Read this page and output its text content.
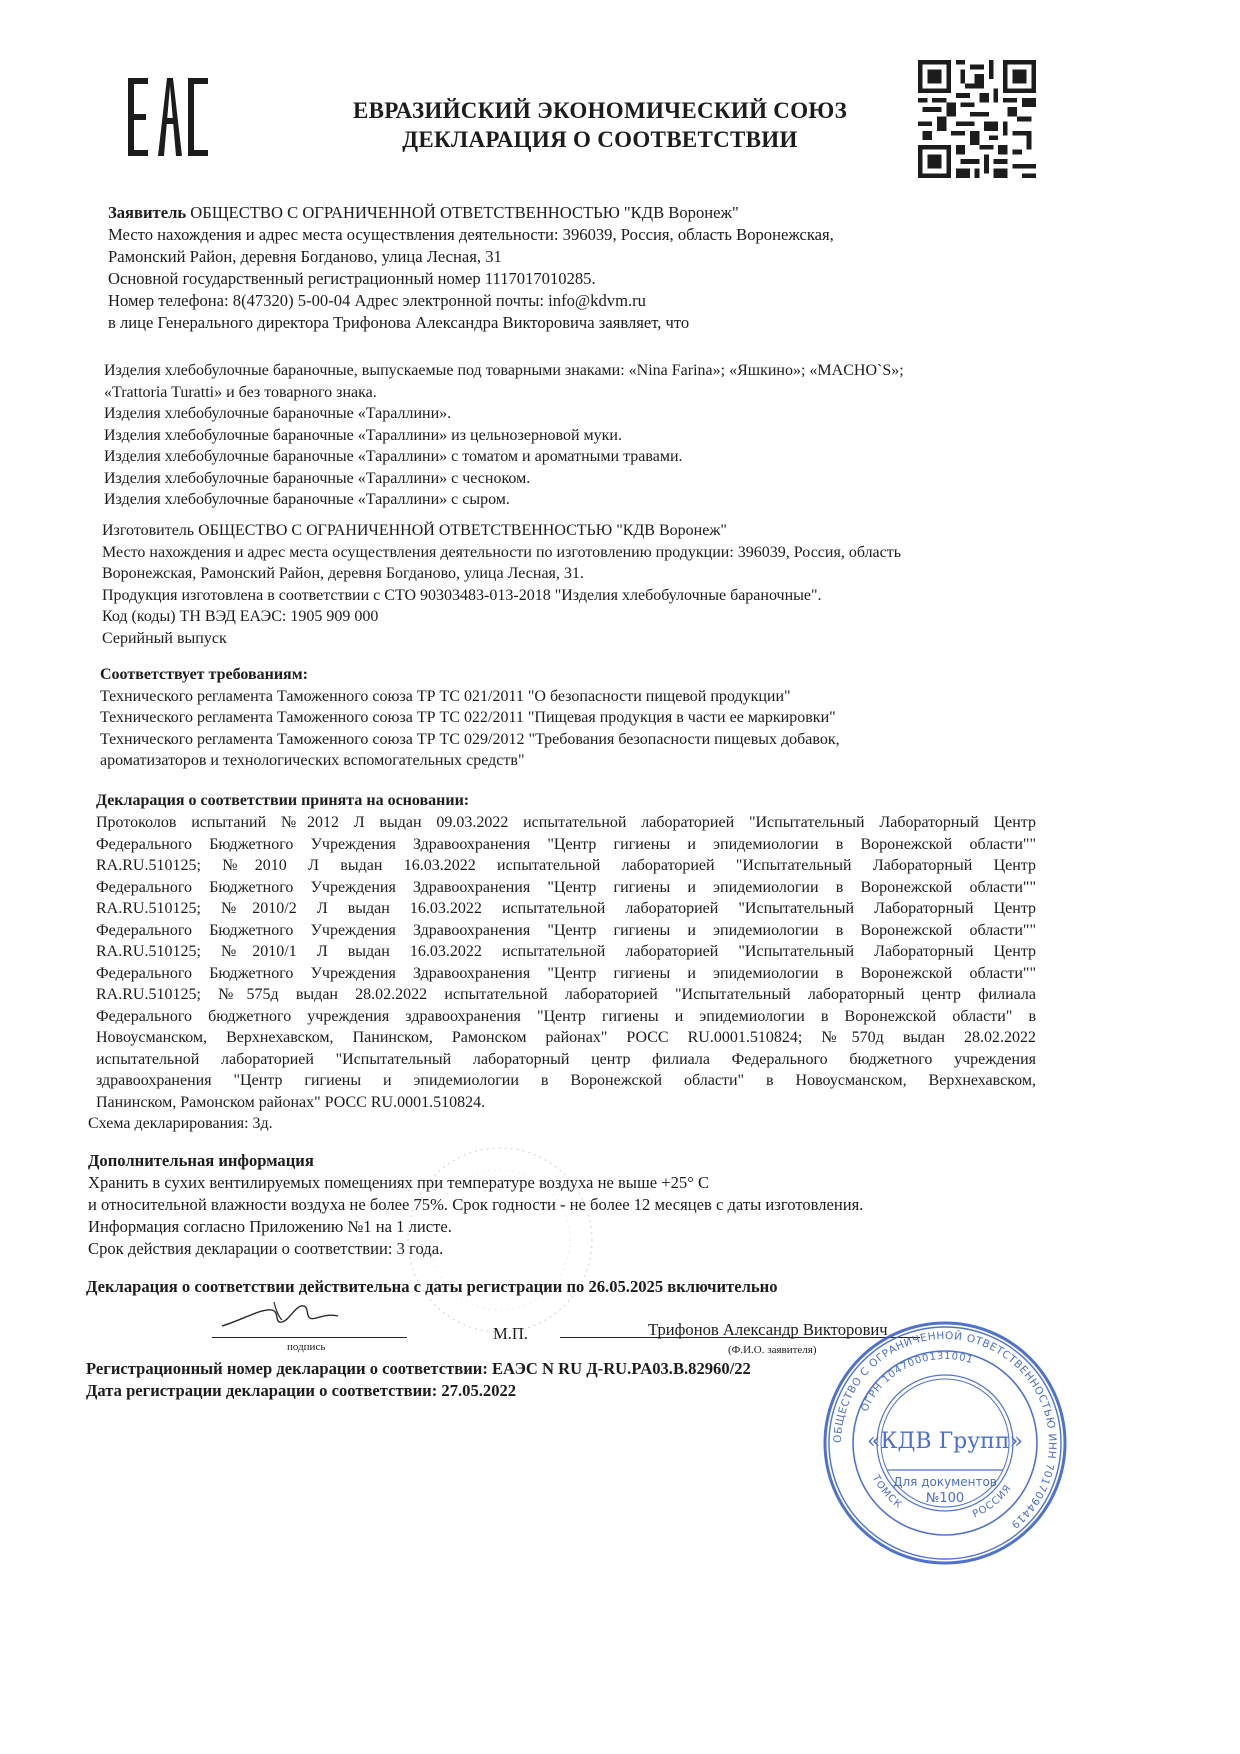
ЕВРАЗИЙСКИЙ ЭКОНОМИЧЕСКИЙ СОЮЗ
ДЕКЛАРАЦИЯ О СООТВЕТСТВИИ
Заявитель ОБЩЕСТВО С ОГРАНИЧЕННОЙ ОТВЕТСТВЕННОСТЬЮ "КДВ Воронеж"
Место нахождения и адрес места осуществления деятельности: 396039, Россия, область Воронежская,
Рамонский Район, деревня Богданово, улица Лесная, 31
Основной государственный регистрационный номер 1117017010285.
Номер телефона: 8(47320) 5-00-04 Адрес электронной почты: info@kdvm.ru
в лице Генерального директора Трифонова Александра Викторовича заявляет, что
Изделия хлебобулочные бараночные, выпускаемые под товарными знаками: «Nina Farina»; «Яшкино»; «MACHO`S»;
«Trattoria Turatti» и без товарного знака.
Изделия хлебобулочные бараночные «Тараллини».
Изделия хлебобулочные бараночные «Тараллини» из цельнозерновой муки.
Изделия хлебобулочные бараночные «Тараллини» с томатом и ароматными травами.
Изделия хлебобулочные бараночные «Тараллини» с чесноком.
Изделия хлебобулочные бараночные «Тараллини» с сыром.
Изготовитель ОБЩЕСТВО С ОГРАНИЧЕННОЙ ОТВЕТСТВЕННОСТЬЮ "КДВ Воронеж"
Место нахождения и адрес места осуществления деятельности по изготовлению продукции: 396039, Россия, область
Воронежская, Рамонский Район, деревня Богданово, улица Лесная, 31.
Продукция изготовлена в соответствии с СТО 90303483-013-2018 "Изделия хлебобулочные бараночные".
Код (коды) ТН ВЭД ЕАЭС: 1905 909 000
Серийный выпуск
Соответствует требованиям:
Технического регламента Таможенного союза ТР ТС 021/2011 "О безопасности пищевой продукции"
Технического регламента Таможенного союза ТР ТС 022/2011 "Пищевая продукция в части ее маркировки"
Технического регламента Таможенного союза ТР ТС 029/2012 "Требования безопасности пищевых добавок,
ароматизаторов и технологических вспомогательных средств"
Декларация о соответствии принята на основании:
Протоколов испытаний №2012 Л выдан 09.03.2022 испытательной лабораторией "Испытательный Лабораторный Центр
Федерального Бюджетного Учреждения Здравоохранения "Центр гигиены и эпидемиологии в Воронежской области""
RA.RU.510125; №2010 Л выдан 16.03.2022 испытательной лабораторией "Испытательный Лабораторный Центр
Федерального Бюджетного Учреждения Здравоохранения "Центр гигиены и эпидемиологии в Воронежской области""
RA.RU.510125; №2010/2 Л выдан 16.03.2022 испытательной лабораторией "Испытательный Лабораторный Центр
Федерального Бюджетного Учреждения Здравоохранения "Центр гигиены и эпидемиологии в Воронежской области""
RA.RU.510125; №2010/1 Л выдан 16.03.2022 испытательной лабораторией "Испытательный Лабораторный Центр
Федерального Бюджетного Учреждения Здравоохранения "Центр гигиены и эпидемиологии в Воронежской области""
RA.RU.510125; №575д выдан 28.02.2022 испытательной лабораторией "Испытательный лабораторный центр филиала
Федерального бюджетного учреждения здравоохранения "Центр гигиены и эпидемиологии в Воронежской области" в
Новоусманском, Верхнехавском, Панинском, Рамонском районах" РОСС RU.0001.510824; №570д выдан 28.02.2022
испытательной лабораторией "Испытательный лабораторный центр филиала Федерального бюджетного учреждения
здравоохранения "Центр гигиены и эпидемиологии в Воронежской области" в Новоусманском, Верхнехавском,
Панинском, Рамонском районах" РОСС RU.0001.510824.
Схема декларирования: 3д.
Дополнительная информация
Хранить в сухих вентилируемых помещениях при температуре воздуха не выше +25° С
и относительной влажности воздуха не более 75%. Срок годности - не более 12 месяцев с даты изготовления.
Информация согласно Приложению №1 на 1 листе.
Срок действия декларации о соответствии: 3 года.
Декларация о соответствии действительна с даты регистрации по 26.05.2025 включительно
подпись
М.П.	Трифонов Александр Викторович
(Ф.И.О. заявителя)
Регистрационный номер декларации о соответствии: ЕАЭС N RU Д-RU.PA03.B.82960/22
Дата регистрации декларации о соответствии: 27.05.2022
ОБЩЕСТВО С ОГРАНИЧЕННОЙ ОТВЕТСТВЕННОСТЬЮ ИНН 7017094419
ОГРН 1047000131001
ТОМСК
РОССИЯ
«КДВ Групп»
Для документов
№100
